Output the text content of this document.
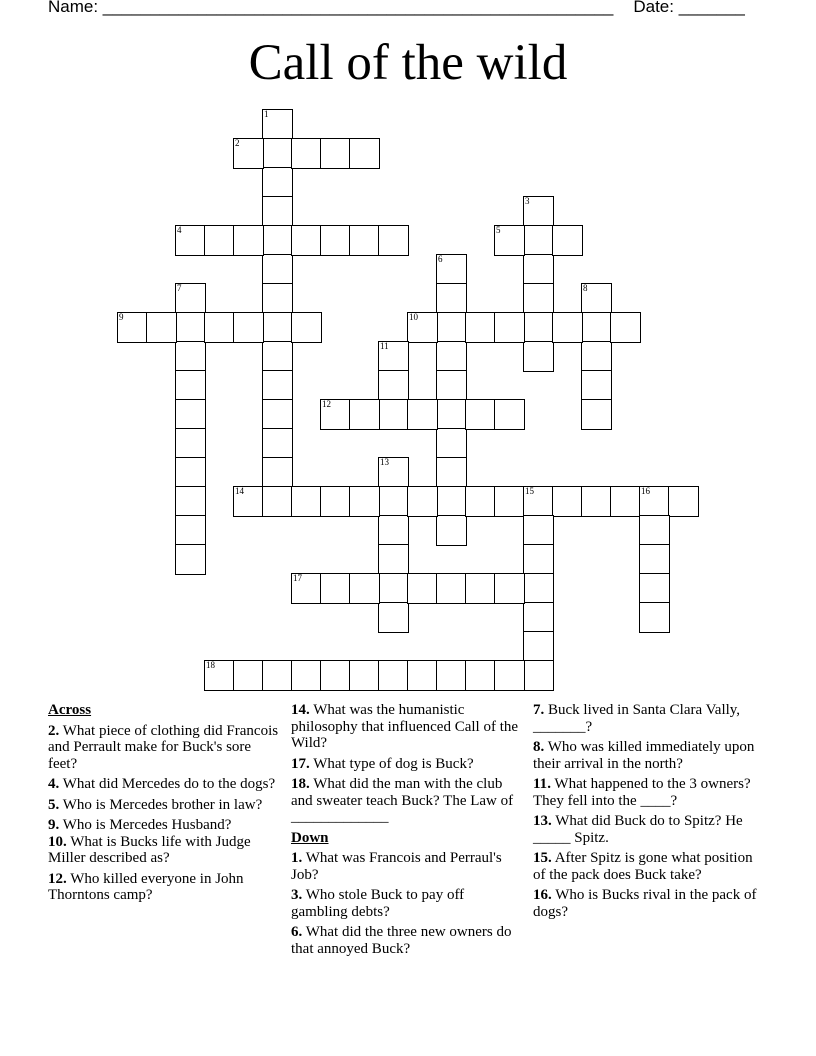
Name: ______________________________________________________ Date: _______
Call of the wild
1
2
3
4	5
6
7	8
9	10
11
12
13
14	15	16
17
18
Across
2 . What piece of clothing did Francois and Perrault make for Buck's sore feet?
4 . What did Mercedes do to the dogs?
5 . Who is Mercedes brother in law?
9 . Who is Mercedes Husband?
10 . What is Bucks life with Judge Miller described as?
12 . Who killed everyone in John Thorntons camp?
14 . What was the humanistic philosophy that influenced Call of the Wild?
17 . What type of dog is Buck?
18 . What did the man with the club and sweater teach Buck? The Law of _____________
Down
1 . What was Francois and Perraul's Job?
3 . Who stole Buck to pay off gambling debts?
6 . What did the three new owners do that annoyed Buck?
7 . Buck lived in Santa Clara Vally, _______?
8 . Who was killed immediately upon their arrival in the north?
11 . What happened to the 3 owners? They fell into the ____?
13 . What did Buck do to Spitz? He _____ Spitz.
15 . After Spitz is gone what position of the pack does Buck take?
16 . Who is Bucks rival in the pack of dogs?
